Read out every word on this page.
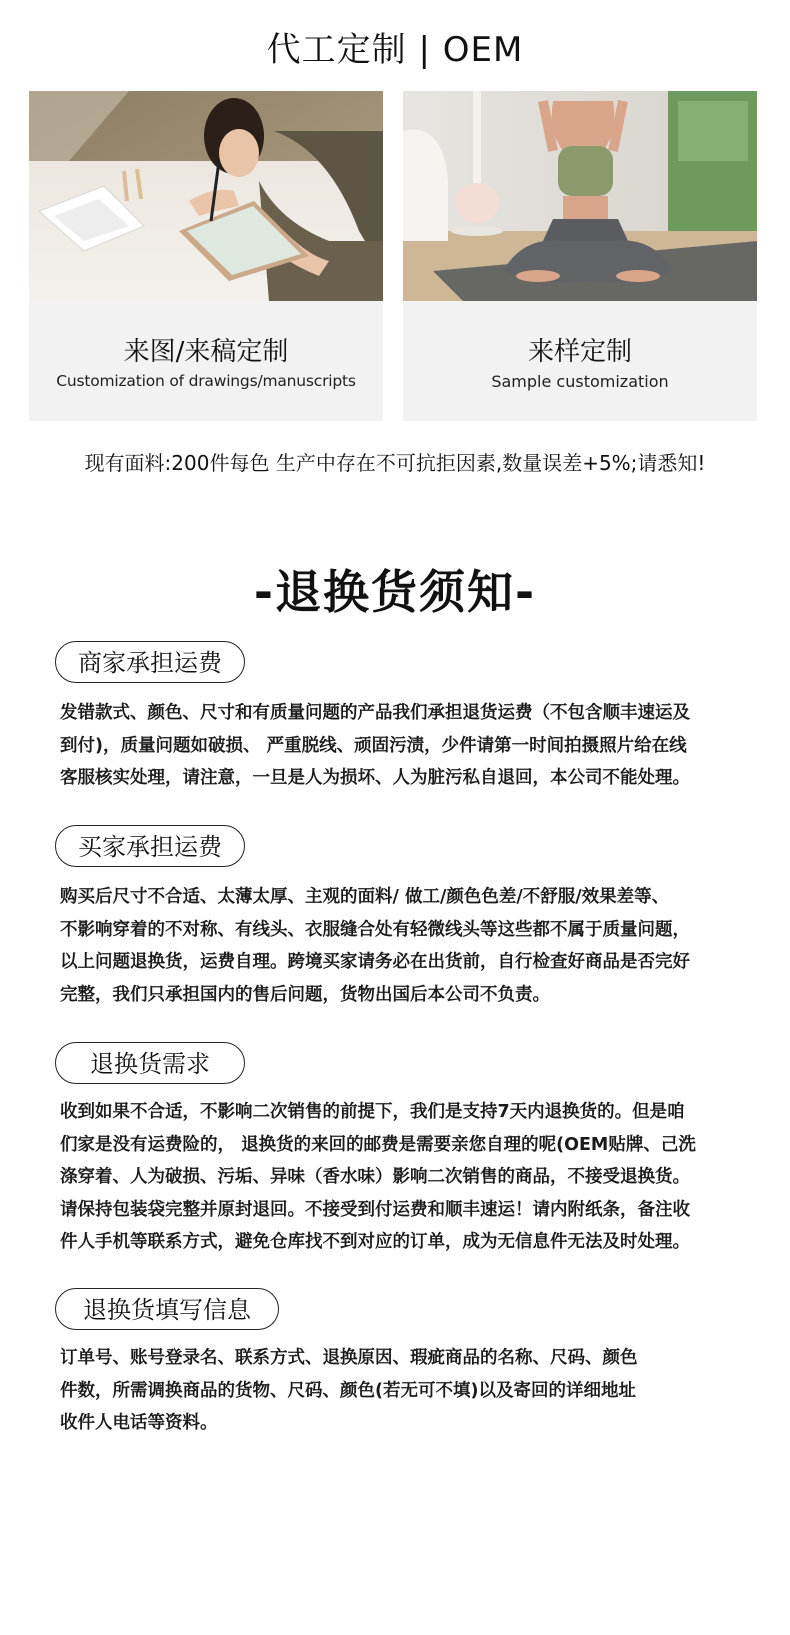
代工定制 | OEM
来图/来稿定制
Customization of drawings/manuscripts
来样定制
Sample customization
现有面料:200件每色 生产中存在不可抗拒因素,数量误差+5%;请悉知!
-退换货须知-
商家承担运费
发错款式、颜色、尺寸和有质量问题的产品我们承担退货运费（不包含顺丰速运及
到付)，质量问题如破损、 严重脱线、顽固污渍，少件请第一时间拍摄照片给在线
客服核实处理，请注意，一旦是人为损坏、人为脏污私自退回，本公司不能处理。
买家承担运费
购买后尺寸不合适、太薄太厚、主观的面料/ 做工/颜色色差/不舒服/效果差等、
不影响穿着的不对称、有线头、衣服缝合处有轻微线头等这些都不属于质量问题，
以上问题退换货，运费自理。跨境买家请务必在出货前，自行检查好商品是否完好
完整，我们只承担国内的售后问题，货物出国后本公司不负责。
退换货需求
收到如果不合适，不影响二次销售的前提下，我们是支持7天内退换货的。但是咱
们家是没有运费险的， 退换货的来回的邮费是需要亲您自理的呢(OEM贴牌、己洗
涤穿着、人为破损、污垢、异味（香水味）影响二次销售的商品，不接受退换货。
请保持包装袋完整并原封退回。不接受到付运费和顺丰速运！请内附纸条，备注收
件人手机等联系方式，避免仓库找不到对应的订单，成为无信息件无法及时处理。
退换货填写信息
订单号、账号登录名、联系方式、退换原因、瑕疵商品的名称、尺码、颜色
件数，所需调换商品的货物、尺码、颜色(若无可不填)以及寄回的详细地址
收件人电话等资料。
